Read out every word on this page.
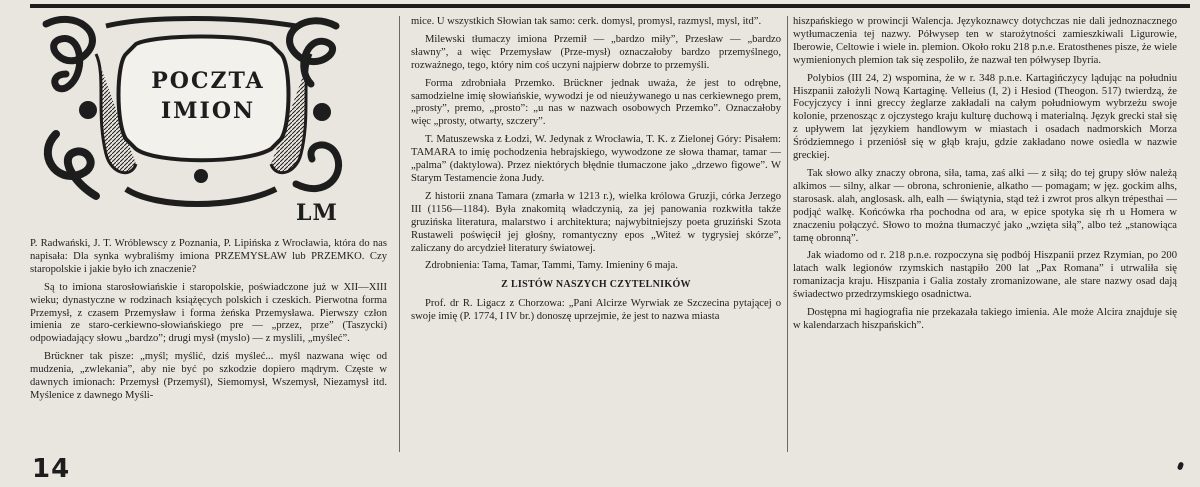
POCZTA
IMION
LM

P. Radwański, J. T. Wróblewscy z Poznania, P. Lipińska z Wrocławia, która do nas napisała: Dla synka wybraliśmy imiona PRZEMYSŁAW lub PRZEMKO. Czy staropolskie i jakie było ich znaczenie?

Są to imiona starosłowiańskie i staropolskie, poświadczone już w XII—XIII wieku; dynastyczne w rodzinach książęcych polskich i czeskich. Pierwotna forma Przemysł, z czasem Przemysław i forma żeńska Przemysława. Pierwszy człon imienia ze staro-cerkiewno-słowiańskiego pre — „przez, prze” (Taszycki) odpowiadający słowu „bardzo”; drugi mysł (myslo) — z myslili, „myśleć”.

Brückner tak pisze: „myśl; myślić, dziś myśleć... myśl nazwana więc od mudzenia, „zwlekania”, aby nie być po szkodzie dopiero mądrym. Częste w dawnych imionach: Przemysł (Przemyśl), Siemomysł, Wszemysł, Niezamysł itd. Myślenice z dawnego Myśli-

mice. U wszystkich Słowian tak samo: cerk. domysl, promysl, razmysl, mysl, itd”.

Milewski tłumaczy imiona Przemił — „bardzo miły”, Przesław — „bardzo sławny”, a więc Przemysław (Prze-mysł) oznaczałoby bardzo przemyślnego, rozważnego, tego, który nim coś uczyni najpierw dobrze to przemyśli.

Forma zdrobniała Przemko. Brückner jednak uważa, że jest to odrębne, samodzielne imię słowiańskie, wywodzi je od nieużywanego u nas cerkiewnego prem, „prosty”, premo, „prosto”: „u nas w nazwach osobowych Przemko”. Oznaczałoby więc „prosty, otwarty, szczery”.

T. Matuszewska z Łodzi, W. Jedynak z Wrocławia, T. K. z Zielonej Góry: Pisałem: TAMARA to imię pochodzenia hebrajskiego, wywodzone ze słowa thamar, tamar — „palma” (daktylowa). Przez niektórych błędnie tłumaczone jako „drzewo figowe”. W Starym Testamencie żona Judy.

Z historii znana Tamara (zmarła w 1213 r.), wielka królowa Gruzji, córka Jerzego III (1156—1184). Była znakomitą władczynią, za jej panowania rozkwitła także gruzińska literatura, malarstwo i architektura; najwybitniejszy poeta gruziński Szota Rustaweli poświęcił jej głośny, romantyczny epos „Witeź w tygrysiej skórze”, zaliczany do arcydzieł literatury światowej.

Zdrobnienia: Tama, Tamar, Tammi, Tamy. Imieniny 6 maja.

Z LISTÓW NASZYCH CZYTELNIKÓW

Prof. dr R. Ligacz z Chorzowa: „Pani Alcirze Wyrwiak ze Szczecina pytającej o swoje imię (P. 1774, I IV br.) donoszę uprzejmie, że jest to nazwa miasta

hiszpańskiego w prowincji Walencja. Językoznawcy dotychczas nie dali jednoznacznego wytłumaczenia tej nazwy. Półwysep ten w starożytności zamieszkiwali Ligurowie, Iberowie, Celtowie i wiele in. plemion. Około roku 218 p.n.e. Eratosthenes pisze, że wiele wymienionych plemion tak się zespoliło, że nazwał ten półwysep Ibyria.

Polybios (III 24, 2) wspomina, że w r. 348 p.n.e. Kartagińczycy lądując na południu Hiszpanii założyli Nową Kartaginę. Velleius (I, 2) i Hesiod (Theogon. 517) twierdzą, że Focyjczycy i inni greccy żeglarze zakładali na całym południowym wybrzeżu swoje kolonie, przenosząc z ojczystego kraju kulturę duchową i materialną. Język grecki stał się z upływem lat językiem handlowym w miastach i osadach nadmorskich Morza Śródziemnego i przeniósł się w głąb kraju, gdzie zakładano nowe osiedla w nazwie greckiej.

Tak słowo alky znaczy obrona, siła, tama, zaś alki — z siłą; do tej grupy słów należą alkimos — silny, alkar — obrona, schronienie, alkatho — pomagam; w jęz. gockim alhs, starosask. alah, anglosask. alh, ealh — świątynia, stąd też i zwrot pros alkyn trépesthai — podjąć walkę. Końcówka rha pochodna od ara, w epice spotyka się rh u Homera w znaczeniu połączyć. Słowo to można tłumaczyć jako „wzięta siłą”, albo też „stanowiąca tamę obronną”.

Jak wiadomo od r. 218 p.n.e. rozpoczyna się podbój Hiszpanii przez Rzymian, po 200 latach walk legionów rzymskich nastąpiło 200 lat „Pax Romana” i utrwaliła się romanizacja kraju. Hiszpania i Galia zostały zromanizowane, ale stare nazwy osad dają świadectwo przedrzymskiego osadnictwa.

Dostępna mi hagiografia nie przekazała takiego imienia. Ale może Alcira znajduje się w kalendarzach hiszpańskich”.

14
